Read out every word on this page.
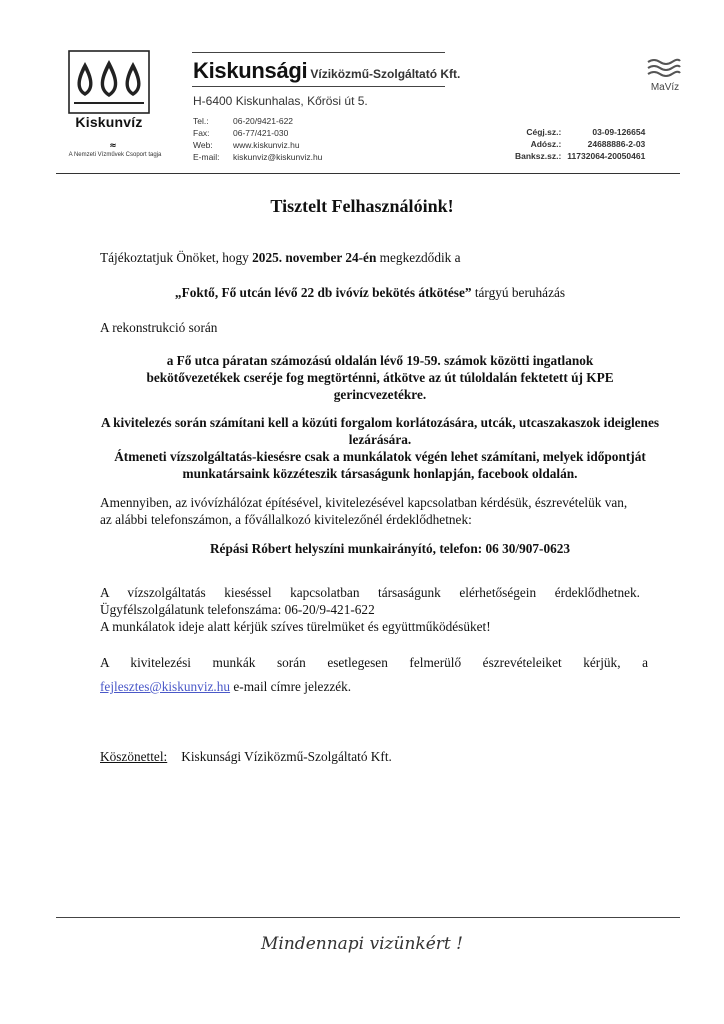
Kiskunvíz
≈
A Nemzeti Vízművek Csoport tagja
Kiskunsági Víziközmű-Szolgáltató Kft.
H-6400 Kiskunhalas, Kőrösi út 5.
Tel.:	06-20/9421-622
Fax:	06-77/421-030
Web:	www.kiskunviz.hu
E-mail:	kiskunviz@kiskunviz.hu
MaVíz
Cégj.sz.:	03-09-126654
Adósz.:	24688886-2-03
Banksz.sz.:	11732064-20050461
Tisztelt Felhasználóink!
Tájékoztatjuk Önöket, hogy 2025. november 24-én megkezdődik a
„Foktő, Fő utcán lévő 22 db ivóvíz bekötés átkötése” tárgyú beruházás
A rekonstrukció során
a Fő utca páratan számozású oldalán lévő 19-59. számok közötti ingatlanok bekötővezetékek cseréje fog megtörténni, átkötve az út túloldalán fektetett új KPE gerincvezetékre.
A kivitelezés során számítani kell a közúti forgalom korlátozására, utcák, utcaszakaszok ideiglenes lezárására.
Átmeneti vízszolgáltatás-kiesésre csak a munkálatok végén lehet számítani, melyek időpontját munkatársaink közzéteszik társaságunk honlapján, facebook oldalán.
Amennyiben, az ivóvízhálózat építésével, kivitelezésével kapcsolatban kérdésük, észrevételük van, az alábbi telefonszámon, a fővállalkozó kivitelezőnél érdeklődhetnek:
Répási Róbert helyszíni munkairányító, telefon: 06 30/907-0623
A vízszolgáltatás kieséssel kapcsolatban társaságunk elérhetőségein érdeklődhetnek.
Ügyfélszolgálatunk telefonszáma: 06-20/9-421-622
A munkálatok ideje alatt kérjük szíves türelmüket és együttműködésüket!
A kivitelezési munkák során esetlegesen felmerülő észrevételeiket kérjük, a
fejlesztes@kiskunviz.hu e-mail címre jelezzék.
Köszönettel: Kiskunsági Víziközmű-Szolgáltató Kft.
Mindennapi vizünkért !
